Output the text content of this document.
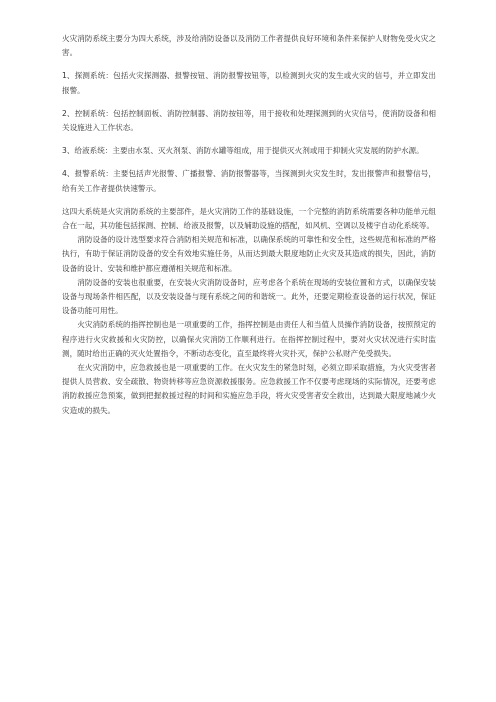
火灾消防系统主要分为四大系统，涉及给消防设备以及消防工作者提供良好环境和条件来保护人财物免受火灾之害。

1、探测系统：包括火灾探测器、报警按钮、消防报警按钮等，以检测到火灾的发生或火灾的信号，并立即发出报警。

2、控制系统：包括控制面板、消防控制器、消防按钮等，用于接收和处理探测到的火灾信号，使消防设备和相关设施进入工作状态。

3、给液系统：主要由水泵、灭火剂泵、消防水罐等组成，用于提供灭火剂或用于抑制火灾发展的防护水源。

4、报警系统：主要包括声光报警、广播报警、消防报警器等，当探测到火灾发生时，发出报警声和报警信号，给有关工作者提供快速警示。

这四大系统是火灾消防系统的主要部件，是火灾消防工作的基础设施，一个完整的消防系统需要各种功能单元组合在一起，其功能包括探测、控制、给液及报警，以及辅助设施的搭配，如风机、空调以及楼宇自动化系统等。

消防设备的设计选型要求符合消防相关规范和标准，以确保系统的可靠性和安全性，这些规范和标准的严格执行，有助于保证消防设备的安全有效地实施任务，从而达到最大限度地防止火灾及其造成的损失，因此，消防设备的设计、安装和维护都应遵循相关规范和标准。

消防设备的安装也很重要，在安装火灾消防设备时，应考虑各个系统在现场的安装位置和方式，以确保安装设备与现场条件相匹配，以及安装设备与现有系统之间的和谐统一。此外，还要定期检查设备的运行状况，保证设备功能可用性。

火灾消防系统的指挥控制也是一项重要的工作，指挥控制是由责任人和当值人员操作消防设备，按照预定的程序进行火灾救援和火灾防控，以确保火灾消防工作顺利进行。在指挥控制过程中，要对火灾状况进行实时监测，随时给出正确的灭火处置指令，不断动态变化，直至最终将火灾扑灭，保护公私财产免受损失。

在火灾消防中，应急救援也是一项重要的工作。在火灾发生的紧急时刻，必须立即采取措施，为火灾受害者提供人员营救、安全疏散、物资转移等应急资源救援服务。应急救援工作不仅要考虑现场的实际情况，还要考虑消防救援应急预案，做到把握救援过程的时间和实施应急手段，将火灾受害者安全救出，达到最大限度地减少火灾造成的损失。
